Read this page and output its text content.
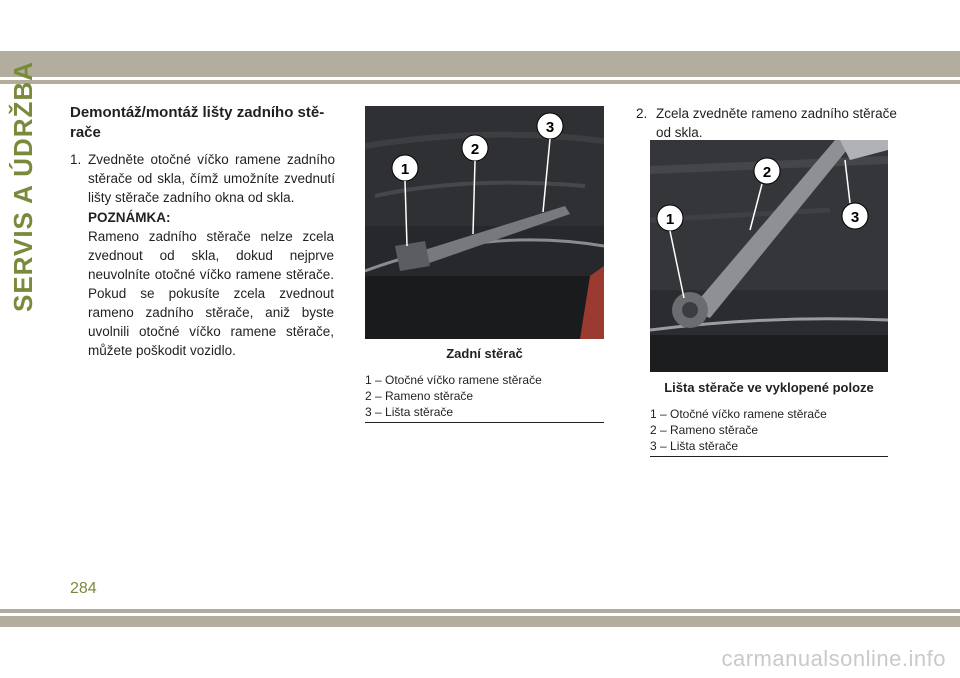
SERVIS A ÚDRŽBA Demontáž/montáž lišty zadního stě-
rače
1. Zvedněte otočné víčko ramene zadního stěrače od skla, čímž umožníte zvednutí lišty stěrače zadního okna od skla.
POZNÁMKA:
Rameno zadního stěrače nelze zcela zvednout od skla, dokud nejprve neuvolníte otočné víčko ramene stěrače. Pokud se pokusíte zcela zvednout rameno zadního stěrače, aniž byste uvolnili otočné víčko ramene stěrače, můžete poškodit vozidlo.
1
2
3
Zadní stěrač
1 – Otočné víčko ramene stěrače
2 – Rameno stěrače
3 – Lišta stěrače
2. Zcela zvedněte rameno zadního stěrače od skla.
1
2
3
Lišta stěrače ve vyklopené poloze
1 – Otočné víčko ramene stěrače
2 – Rameno stěrače
3 – Lišta stěrače
284
carmanualsonline.info
